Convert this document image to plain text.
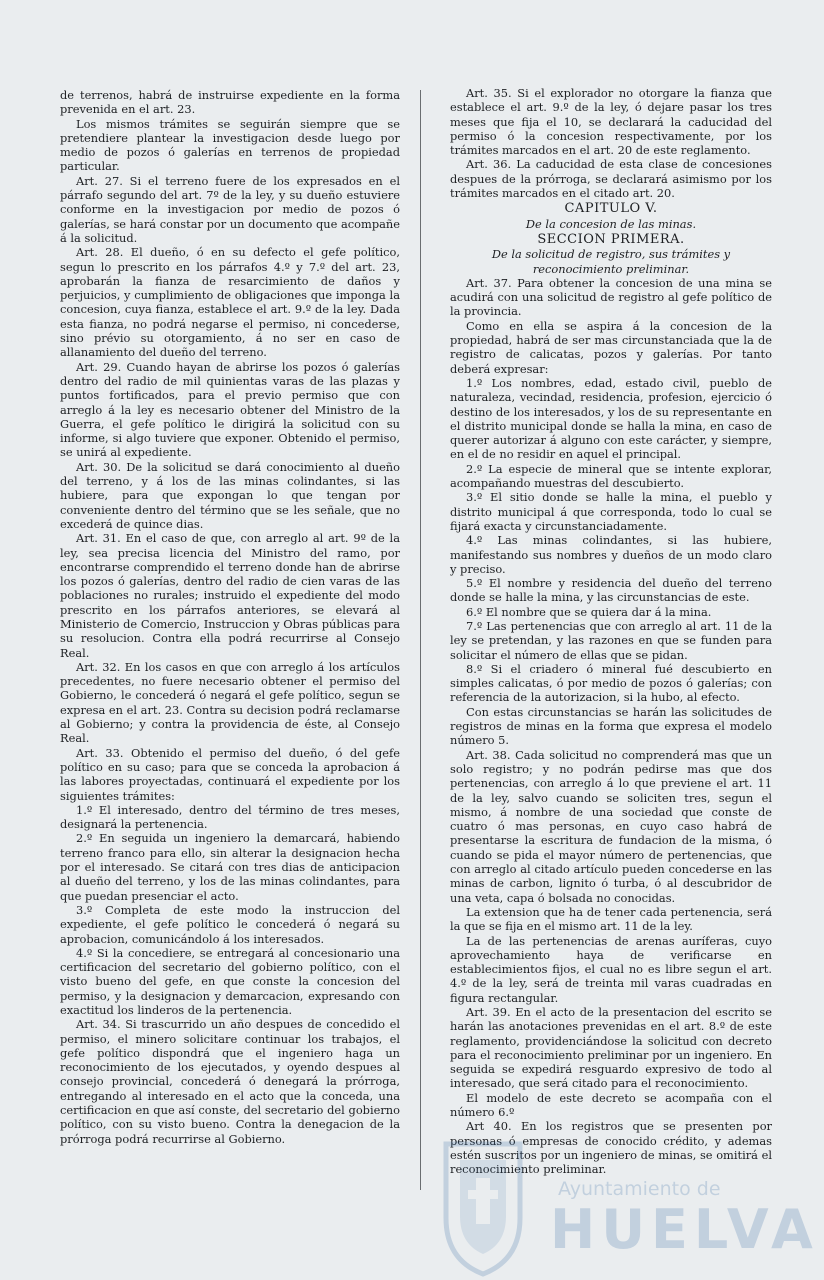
de terrenos, habrá de instruirse expediente en la forma prevenida en el art. 23.

Los mismos trámites se seguirán siempre que se pretendiere plantear la investigacion desde luego por medio de pozos ó galerías en terrenos de propiedad particular.

Art. 27. Si el terreno fuere de los expresados en el párrafo segundo del art. 7º de la ley, y su dueño estuviere conforme en la investigacion por medio de pozos ó galerías, se hará constar por un documento que acompañe á la solicitud.

Art. 28. El dueño, ó en su defecto el gefe político, segun lo prescrito en los párrafos 4.º y 7.º del art. 23, aprobarán la fianza de resarcimiento de daños y perjuicios, y cumplimiento de obligaciones que imponga la concesion, cuya fianza, establece el art. 9.º de la ley. Dada esta fianza, no podrá negarse el permiso, ni concederse, sino prévio su otorgamiento, á no ser en caso de allanamiento del dueño del terreno.

Art. 29. Cuando hayan de abrirse los pozos ó galerías dentro del radio de mil quinientas varas de las plazas y puntos fortificados, para el previo permiso que con arreglo á la ley es necesario obtener del Ministro de la Guerra, el gefe político le dirigirá la solicitud con su informe, si algo tuviere que exponer. Obtenido el permiso, se unirá al expediente.

Art. 30. De la solicitud se dará conocimiento al dueño del terreno, y á los de las minas colindantes, si las hubiere, para que expongan lo que tengan por conveniente dentro del término que se les señale, que no excederá de quince dias.

Art. 31. En el caso de que, con arreglo al art. 9º de la ley, sea precisa licencia del Ministro del ramo, por encontrarse comprendido el terreno donde han de abrirse los pozos ó galerías, dentro del radio de cien varas de las poblaciones no rurales; instruido el expediente del modo prescrito en los párrafos anteriores, se elevará al Ministerio de Comercio, Instruccion y Obras públicas para su resolucion. Contra ella podrá recurrirse al Consejo Real.

Art. 32. En los casos en que con arreglo á los artículos precedentes, no fuere necesario obtener el permiso del Gobierno, le concederá ó negará el gefe político, segun se expresa en el art. 23. Contra su decision podrá reclamarse al Gobierno; y contra la providencia de éste, al Consejo Real.

Art. 33. Obtenido el permiso del dueño, ó del gefe político en su caso; para que se conceda la aprobacion á las labores proyectadas, continuará el expediente por los siguientes trámites:

1.º El interesado, dentro del término de tres meses, designará la pertenencia.

2.º En seguida un ingeniero la demarcará, habiendo terreno franco para ello, sin alterar la designacion hecha por el interesado. Se citará con tres dias de anticipacion al dueño del terreno, y los de las minas colindantes, para que puedan presenciar el acto.

3.º Completa de este modo la instruccion del expediente, el gefe político le concederá ó negará su aprobacion, comunicándolo á los interesados.

4.º Si la concediere, se entregará al concesionario una certificacion del secretario del gobierno político, con el visto bueno del gefe, en que conste la concesion del permiso, y la designacion y demarcacion, expresando con exactitud los linderos de la pertenencia.

Art. 34. Si trascurrido un año despues de concedido el permiso, el minero solicitare continuar los trabajos, el gefe político dispondrá que el ingeniero haga un reconocimiento de los ejecutados, y oyendo despues al consejo provincial, concederá ó denegará la prórroga, entregando al interesado en el acto que la conceda, una certificacion en que así conste, del secretario del gobierno político, con su visto bueno. Contra la denegacion de la prórroga podrá recurrirse al Gobierno.

Art. 35. Si el explorador no otorgare la fianza que establece el art. 9.º de la ley, ó dejare pasar los tres meses que fija el 10, se declarará la caducidad del permiso ó la concesion respectivamente, por los trámites marcados en el art. 20 de este reglamento.

Art. 36. La caducidad de esta clase de concesiones despues de la prórroga, se declarará asimismo por los trámites marcados en el citado art. 20.

CAPITULO V.

De la concesion de las minas.

SECCION PRIMERA.

De la solicitud de registro, sus trámites y reconocimiento preliminar.

Art. 37. Para obtener la concesion de una mina se acudirá con una solicitud de registro al gefe político de la provincia.

Como en ella se aspira á la concesion de la propiedad, habrá de ser mas circunstanciada que la de registro de calicatas, pozos y galerías. Por tanto deberá expresar:

1.º Los nombres, edad, estado civil, pueblo de naturaleza, vecindad, residencia, profesion, ejercicio ó destino de los interesados, y los de su representante en el distrito municipal donde se halla la mina, en caso de querer autorizar á alguno con este carácter, y siempre, en el de no residir en aquel el principal.

2.º La especie de mineral que se intente explorar, acompañando muestras del descubierto.

3.º El sitio donde se halle la mina, el pueblo y distrito municipal á que corresponda, todo lo cual se fijará exacta y circunstanciadamente.

4.º Las minas colindantes, si las hubiere, manifestando sus nombres y dueños de un modo claro y preciso.

5.º El nombre y residencia del dueño del terreno donde se halle la mina, y las circunstancias de este.

6.º El nombre que se quiera dar á la mina.

7.º Las pertenencias que con arreglo al art. 11 de la ley se pretendan, y las razones en que se funden para solicitar el número de ellas que se pidan.

8.º Si el criadero ó mineral fué descubierto en simples calicatas, ó por medio de pozos ó galerías; con referencia de la autorizacion, si la hubo, al efecto.

Con estas circunstancias se harán las solicitudes de registros de minas en la forma que expresa el modelo número 5.

Art. 38. Cada solicitud no comprenderá mas que un solo registro; y no podrán pedirse mas que dos pertenencias, con arreglo á lo que previene el art. 11 de la ley, salvo cuando se soliciten tres, segun el mismo, á nombre de una sociedad que conste de cuatro ó mas personas, en cuyo caso habrá de presentarse la escritura de fundacion de la misma, ó cuando se pida el mayor número de pertenencias, que con arreglo al citado artículo pueden concederse en las minas de carbon, lignito ó turba, ó al descubridor de una veta, capa ó bolsada no conocidas.

La extension que ha de tener cada pertenencia, será la que se fija en el mismo art. 11 de la ley.

La de las pertenencias de arenas auríferas, cuyo aprovechamiento haya de verificarse en establecimientos fijos, el cual no es libre segun el art. 4.º de la ley, será de treinta mil varas cuadradas en figura rectangular.

Art. 39. En el acto de la presentacion del escrito se harán las anotaciones prevenidas en el art. 8.º de este reglamento, providenciándose la solicitud con decreto para el reconocimiento preliminar por un ingeniero. En seguida se expedirá resguardo expresivo de todo al interesado, que será citado para el reconocimiento.

El modelo de este decreto se acompaña con el número 6.º

Art 40. En los registros que se presenten por personas ó empresas de conocido crédito, y ademas estén suscritos por un ingeniero de minas, se omitirá el reconocimiento preliminar.

Ayuntamiento de
HUELVA
